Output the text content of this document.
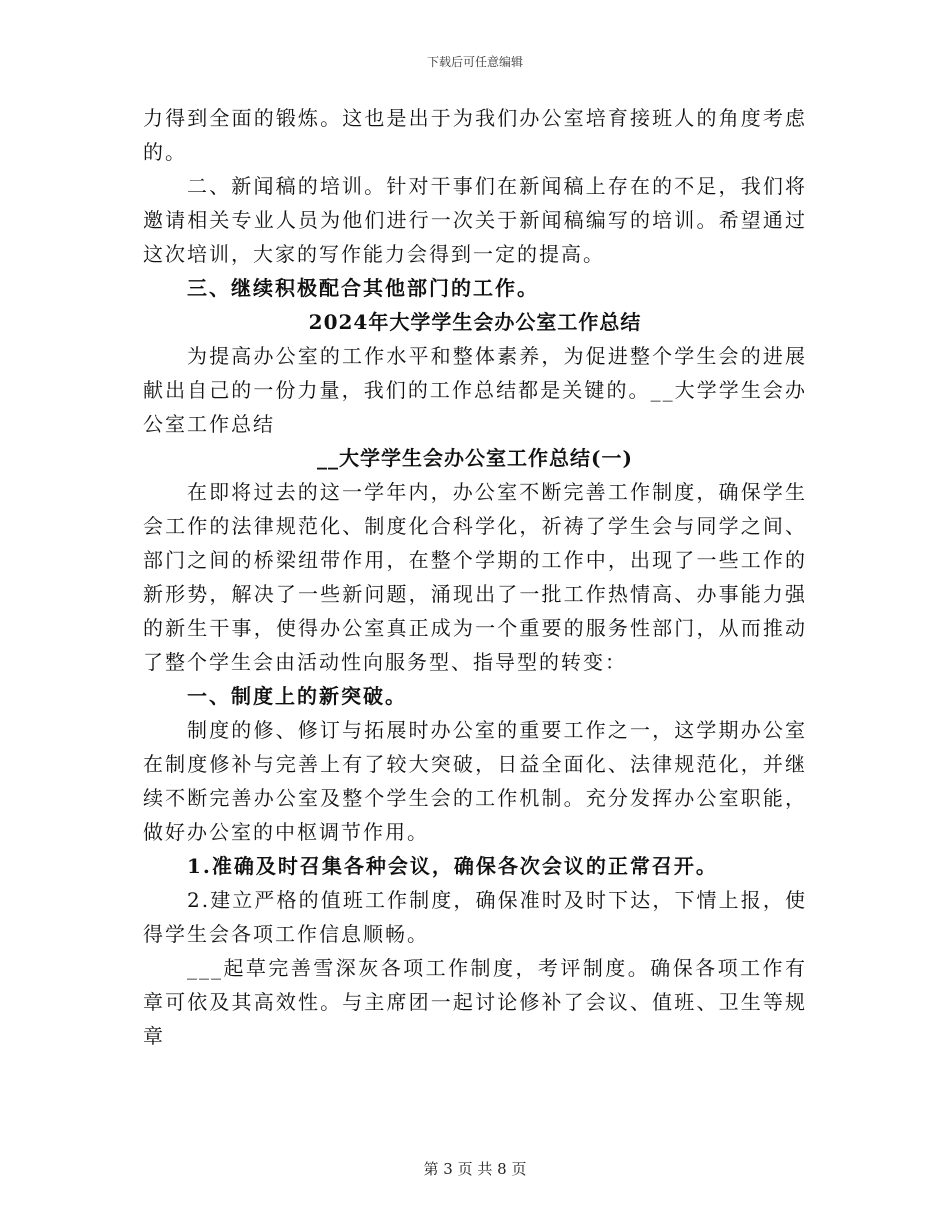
下载后可任意编辑

力得到全面的锻炼。这也是出于为我们办公室培育接班人的角度考虑的。

二、新闻稿的培训。针对干事们在新闻稿上存在的不足，我们将邀请相关专业人员为他们进行一次关于新闻稿编写的培训。希望通过这次培训，大家的写作能力会得到一定的提高。

三、继续积极配合其他部门的工作。

2024年大学学生会办公室工作总结

为提高办公室的工作水平和整体素养，为促进整个学生会的进展献出自己的一份力量，我们的工作总结都是关键的。__大学学生会办公室工作总结

__大学学生会办公室工作总结(一)

在即将过去的这一学年内，办公室不断完善工作制度，确保学生会工作的法律规范化、制度化合科学化，祈祷了学生会与同学之间、部门之间的桥梁纽带作用，在整个学期的工作中，出现了一些工作的新形势，解决了一些新问题，涌现出了一批工作热情高、办事能力强的新生干事，使得办公室真正成为一个重要的服务性部门，从而推动了整个学生会由活动性向服务型、指导型的转变：

一、制度上的新突破。

制度的修、修订与拓展时办公室的重要工作之一，这学期办公室在制度修补与完善上有了较大突破，日益全面化、法律规范化，并继续不断完善办公室及整个学生会的工作机制。充分发挥办公室职能，做好办公室的中枢调节作用。

1.准确及时召集各种会议，确保各次会议的正常召开。

2.建立严格的值班工作制度，确保准时及时下达，下情上报，使得学生会各项工作信息顺畅。

___起草完善雪深灰各项工作制度，考评制度。确保各项工作有章可依及其高效性。与主席团一起讨论修补了会议、值班、卫生等规章

第 3 页 共 8 页
